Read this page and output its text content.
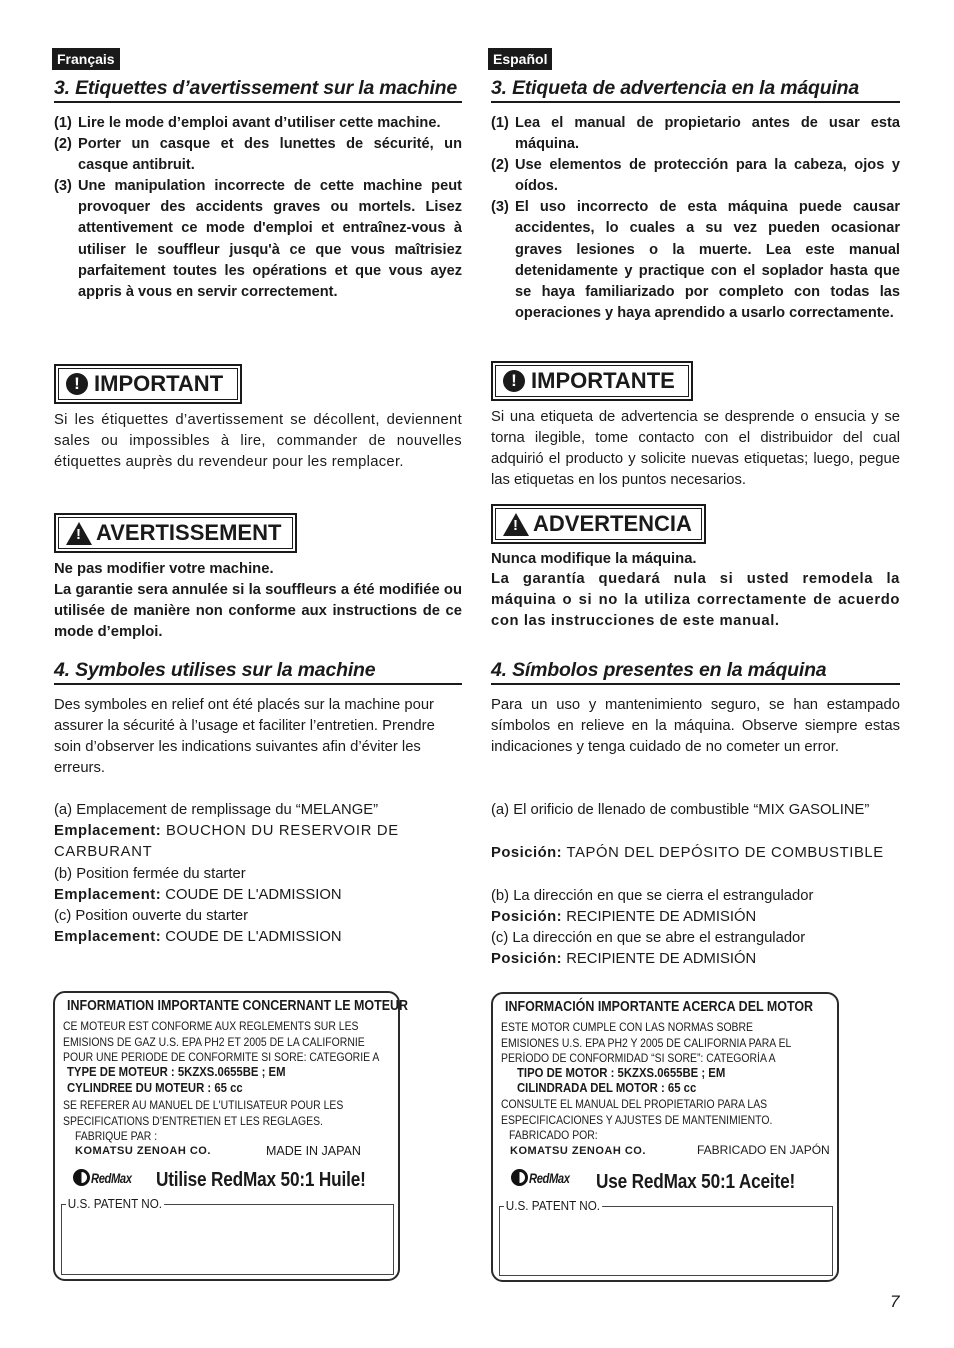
Français
3. Etiquettes d’avertissement sur la machine
(1) Lire le mode d’emploi avant d’utiliser cette machine.
(2) Porter un casque et des lunettes de sécurité, un casque antibruit.
(3) Une manipulation incorrecte de cette machine peut provoquer des accidents graves ou mortels. Lisez attentivement ce mode d'emploi et entraînez-vous à utiliser le souffleur jusqu'à ce que vous maîtrisiez parfaitement toutes les opérations et que vous ayez appris à vous en servir correctement.
! IMPORTANT
Si les étiquettes d’avertissement se décollent, deviennent sales ou impossibles à lire, commander de nouvelles étiquettes auprès du revendeur pour les remplacer.
! AVERTISSEMENT
Ne pas modifier votre machine.
La garantie sera annulée si la souffleurs a été modifiée ou utilisée de manière non conforme aux instructions de ce mode d’emploi.
4. Symboles utilises sur la machine
Des symboles en relief ont été placés sur la machine pour assurer la sécurité à l’usage et faciliter l’entretien. Prendre soin d’observer les indications suivantes afin d’éviter les erreurs.
(a) Emplacement de remplissage du “MELANGE”
Emplacement: BOUCHON DU RESERVOIR DE CARBURANT
(b) Position fermée du starter
Emplacement: COUDE DE L'ADMISSION
(c) Position ouverte du starter
Emplacement: COUDE DE L'ADMISSION
INFORMATION IMPORTANTE CONCERNANT LE MOTEUR
CE MOTEUR EST CONFORME AUX REGLEMENTS SUR LES
EMISIONS DE GAZ U.S. EPA PH2 ET 2005 DE LA CALIFORNIE
POUR UNE PERIODE DE CONFORMITE SI SORE: CATEGORIE A
TYPE DE MOTEUR : 5KZXS.0655BE ; EM
CYLINDREE DU MOTEUR : 65 cc
SE REFERER AU MANUEL DE L'UTILISATEUR POUR LES
SPECIFICATIONS D’ENTRETIEN ET LES REGLAGES.
FABRIQUE PAR :
KOMATSU ZENOAH CO.	MADE IN JAPAN
RedMax Utilise RedMax 50:1 Huile!
U.S. PATENT NO.
Español
3. Etiqueta de advertencia en la máquina
(1) Lea el manual de propietario antes de usar esta máquina.
(2) Use elementos de protección para la cabeza, ojos y oídos.
(3) El uso incorrecto de esta máquina puede causar accidentes, lo cuales a su vez pueden ocasionar graves lesiones o la muerte. Lea este manual detenidamente y practique con el soplador hasta que se haya familiarizado por completo con todas las operaciones y haya aprendido a usarlo correctamente.
! IMPORTANTE
Si una etiqueta de advertencia se desprende o ensucia y se torna ilegible, tome contacto con el distribuidor del cual adquirió el producto y solicite nuevas etiquetas; luego, pegue las etiquetas en los puntos necesarios.
! ADVERTENCIA
Nunca modifique la máquina.
La garantía quedará nula si usted remodela la máquina o si no la utiliza correctamente de acuerdo con las instrucciones de este manual.
4. Símbolos presentes en la máquina
Para un uso y mantenimiento seguro, se han estampado símbolos en relieve en la máquina. Observe siempre estas indicaciones y tenga cuidado de no cometer un error.
(a) El orificio de llenado de combustible “MIX GASOLINE”
Posición: TAPÓN DEL DEPÓSITO DE COMBUSTIBLE
(b) La dirección en que se cierra el estrangulador
Posición: RECIPIENTE DE ADMISIÓN
(c) La dirección en que se abre el estrangulador
Posición: RECIPIENTE DE ADMISIÓN
INFORMACIÓN IMPORTANTE ACERCA DEL MOTOR
ESTE MOTOR CUMPLE CON LAS NORMAS SOBRE
EMISIONES U.S. EPA PH2 Y 2005 DE CALIFORNIA PARA EL
PERÍODO DE CONFORMIDAD “SI SORE”: CATEGORÍA A
TIPO DE MOTOR : 5KZXS.0655BE ; EM
CILINDRADA DEL MOTOR : 65 cc
CONSULTE EL MANUAL DEL PROPIETARIO PARA LAS
ESPECIFICACIONES Y AJUSTES DE MANTENIMIENTO.
FABRICADO POR:
KOMATSU ZENOAH CO.	FABRICADO EN JAPÓN
RedMax Use RedMax 50:1 Aceite!
U.S. PATENT NO.
7
